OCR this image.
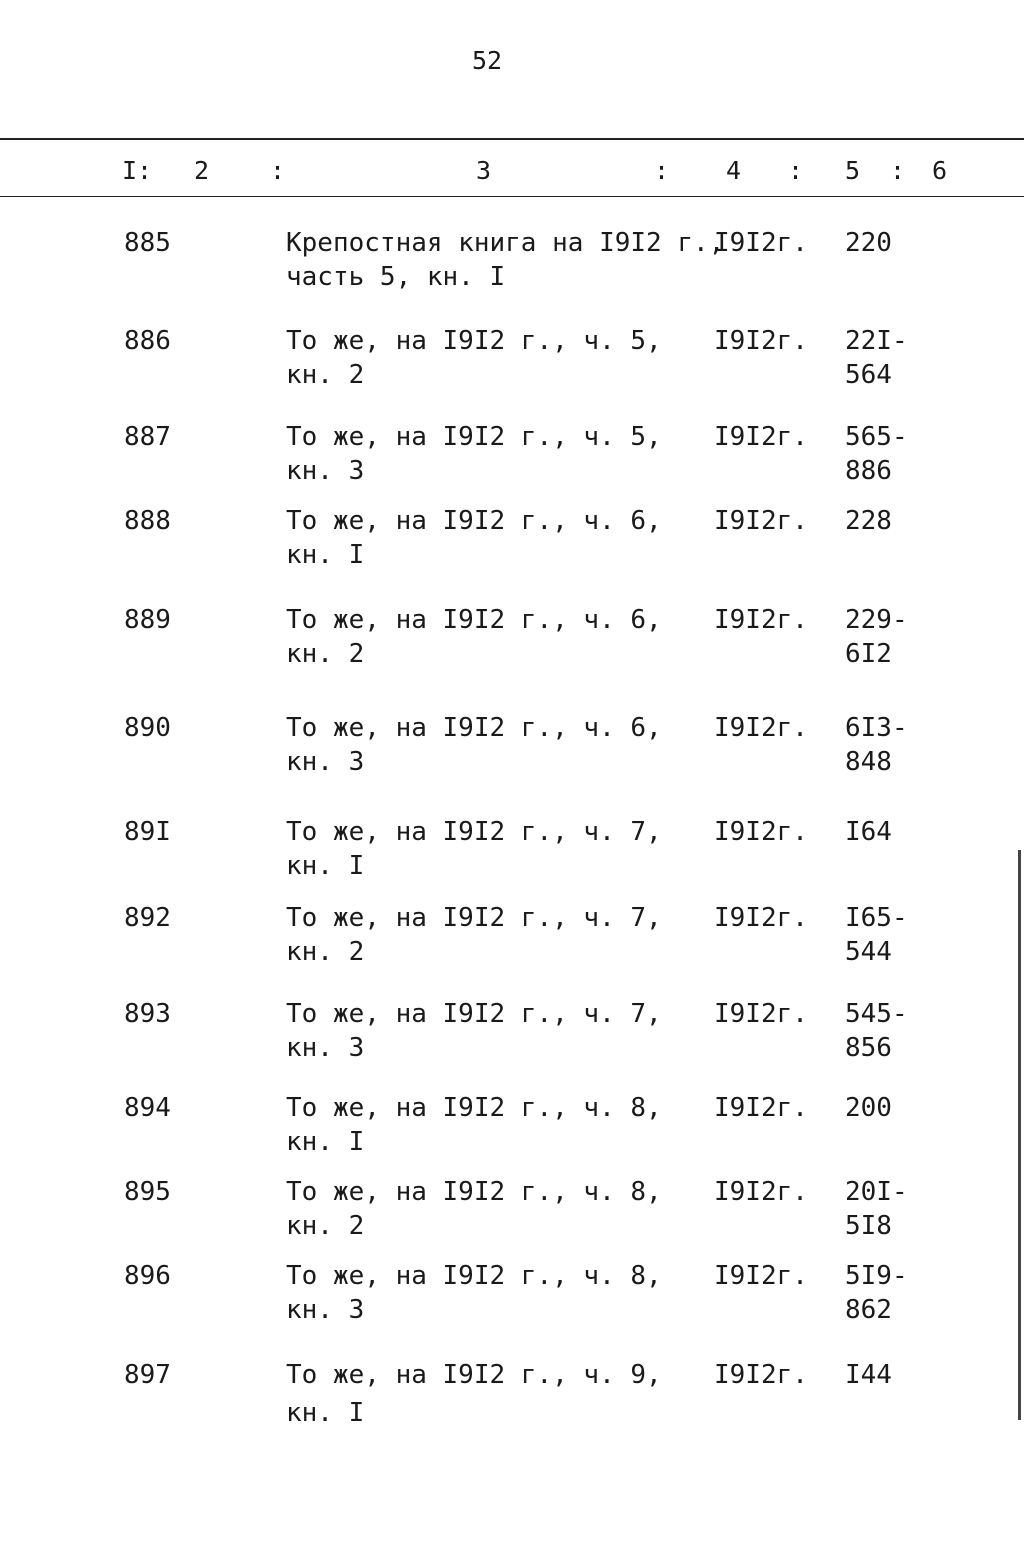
52
I: 2 :	3	: 4 : 5 : 6
885	Крепостная книга на I9I2 г.,
часть 5, кн. I
I9I2г. 220
886	То же, на I9I2 г., ч. 5,
кн. 2
I9I2г. 22I-
564
887	То же, на I9I2 г., ч. 5,
кн. 3
I9I2г. 565-
886
888	То же, на I9I2 г., ч. 6,
кн. I
I9I2г. 228
889	То же, на I9I2 г., ч. 6,
кн. 2
I9I2г. 229-
6I2
890	То же, на I9I2 г., ч. 6,
кн. 3
I9I2г. 6I3-
848
89I	То же, на I9I2 г., ч. 7,
кн. I
I9I2г. I64
892	То же, на I9I2 г., ч. 7,
кн. 2
I9I2г. I65-
544
893	То же, на I9I2 г., ч. 7,
кн. 3
I9I2г. 545-
856
894	То же, на I9I2 г., ч. 8,
кн. I
I9I2г. 200
895	То же, на I9I2 г., ч. 8,
кн. 2
I9I2г. 20I-
5I8
896	То же, на I9I2 г., ч. 8,
кн. 3
I9I2г. 5I9-
862
897	То же, на I9I2 г., ч. 9,
кн. I
I9I2г. I44
